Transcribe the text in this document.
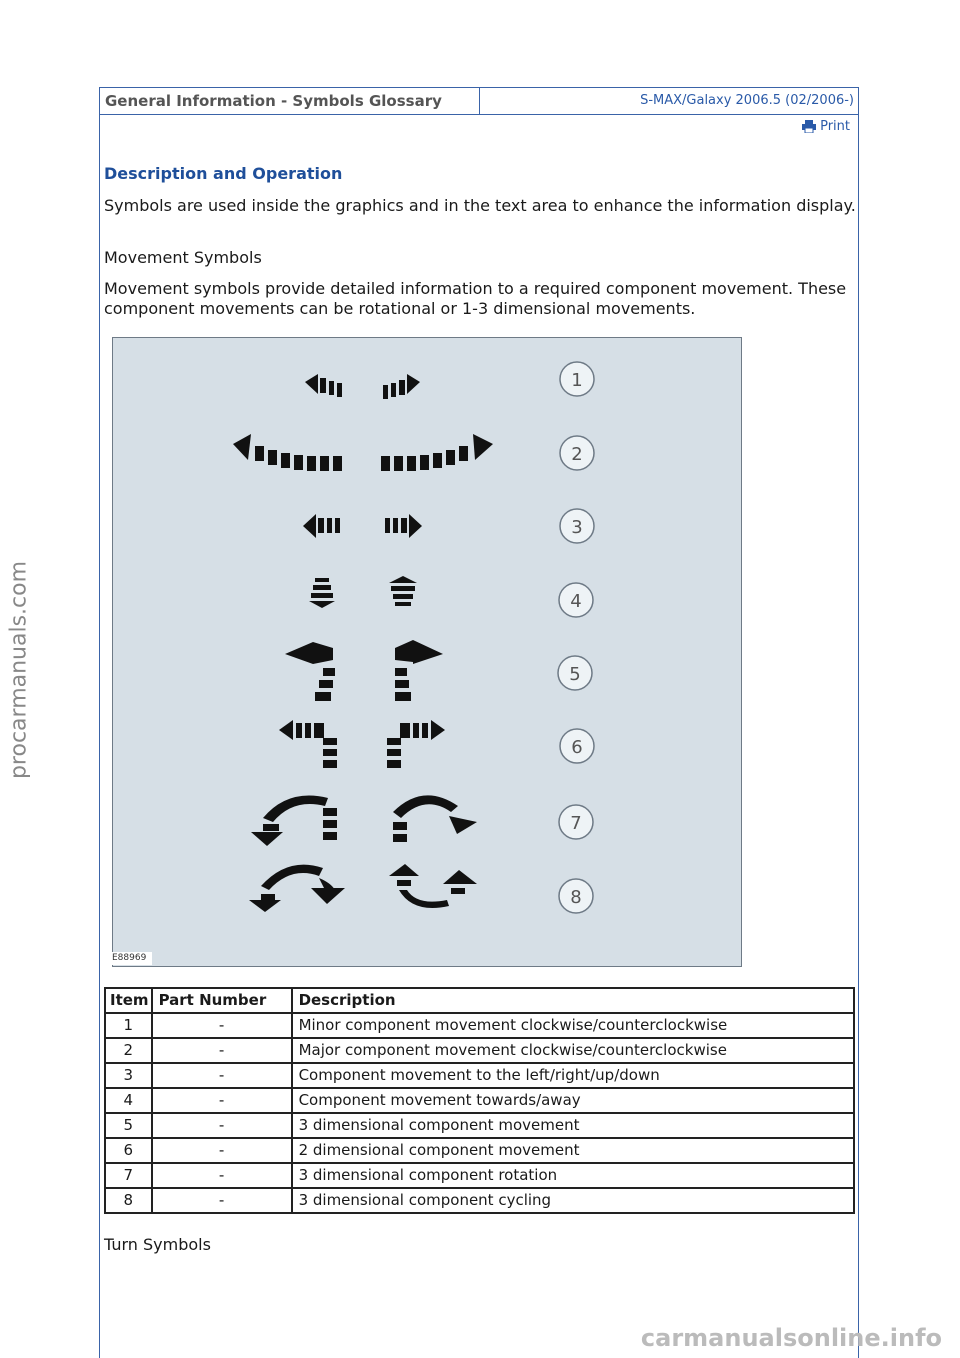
General Information - Symbols Glossary	S-MAX/Galaxy 2006.5 (02/2006-)
Print
Description and Operation
Symbols are used inside the graphics and in the text area to enhance the information display.
Movement Symbols
Movement symbols provide detailed information to a required component movement. These component movements can be rotational or 1-3 dimensional movements.
1
2
3
4
5
6
7
8
E88969
Item	Part Number	Description
1	-	Minor component movement clockwise/counterclockwise
2	-	Major component movement clockwise/counterclockwise
3	-	Component movement to the left/right/up/down
4	-	Component movement towards/away
5	-	3 dimensional component movement
6	-	2 dimensional component movement
7	-	3 dimensional component rotation
8	-	3 dimensional component cycling
Turn Symbols
procarmanuals.com
carmanualsonline.info
